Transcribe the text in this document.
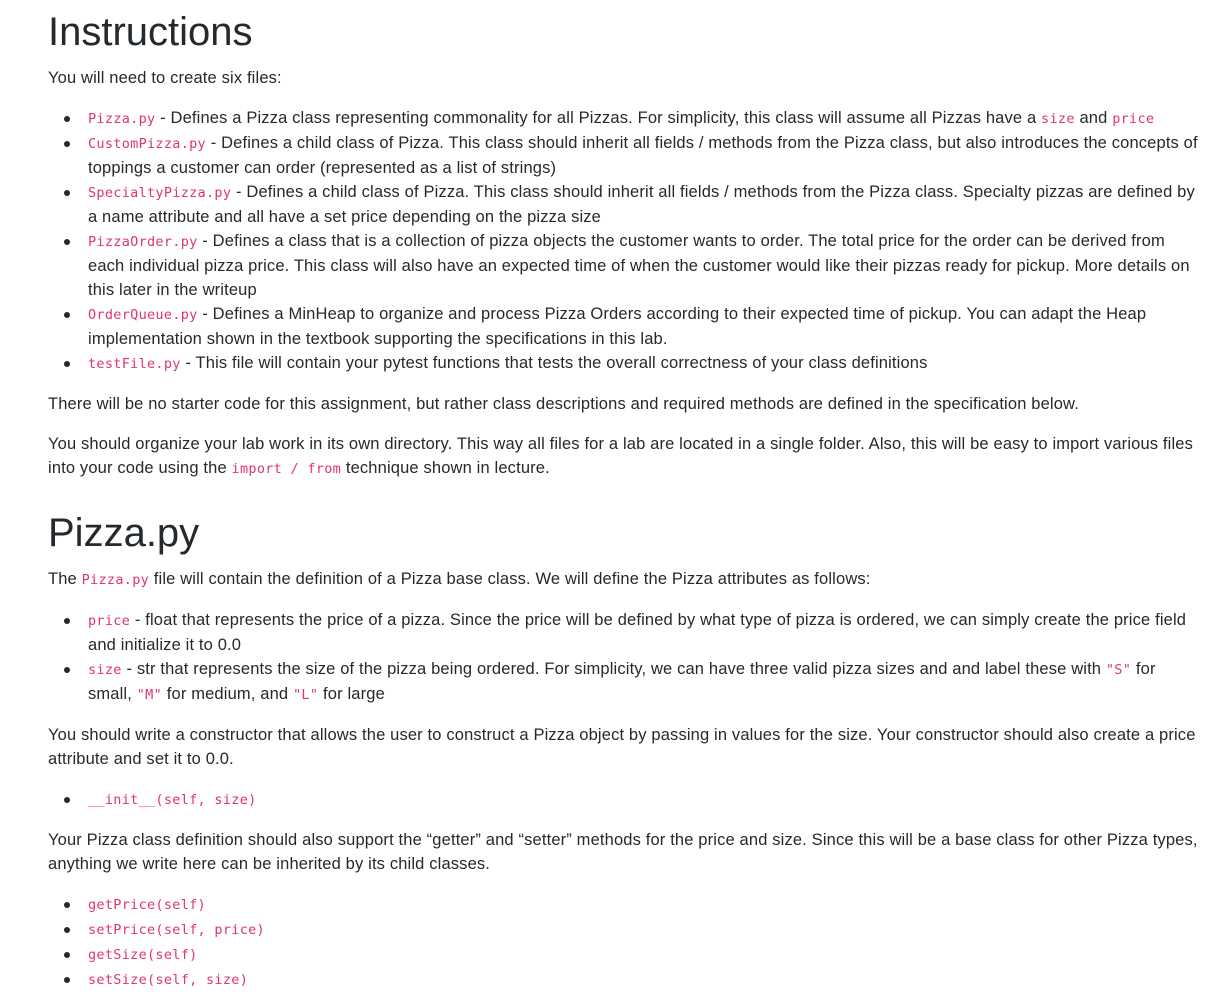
Instructions

You will need to create six files:

Pizza.py - Defines a Pizza class representing commonality for all Pizzas. For simplicity, this class will assume all Pizzas have a size and price
CustomPizza.py - Defines a child class of Pizza. This class should inherit all fields / methods from the Pizza class, but also introduces the concepts of toppings a customer can order (represented as a list of strings)
SpecialtyPizza.py - Defines a child class of Pizza. This class should inherit all fields / methods from the Pizza class. Specialty pizzas are defined by a name attribute and all have a set price depending on the pizza size
PizzaOrder.py - Defines a class that is a collection of pizza objects the customer wants to order. The total price for the order can be derived from each individual pizza price. This class will also have an expected time of when the customer would like their pizzas ready for pickup. More details on this later in the writeup
OrderQueue.py - Defines a MinHeap to organize and process Pizza Orders according to their expected time of pickup. You can adapt the Heap implementation shown in the textbook supporting the specifications in this lab.
testFile.py - This file will contain your pytest functions that tests the overall correctness of your class definitions

There will be no starter code for this assignment, but rather class descriptions and required methods are defined in the specification below.

You should organize your lab work in its own directory. This way all files for a lab are located in a single folder. Also, this will be easy to import various files into your code using the import / from technique shown in lecture.

Pizza.py

The Pizza.py file will contain the definition of a Pizza base class. We will define the Pizza attributes as follows:

price - float that represents the price of a pizza. Since the price will be defined by what type of pizza is ordered, we can simply create the price field and initialize it to 0.0
size - str that represents the size of the pizza being ordered. For simplicity, we can have three valid pizza sizes and and label these with "S" for small, "M" for medium, and "L" for large

You should write a constructor that allows the user to construct a Pizza object by passing in values for the size. Your constructor should also create a price attribute and set it to 0.0.

__init__(self, size)

Your Pizza class definition should also support the “getter” and “setter” methods for the price and size. Since this will be a base class for other Pizza types, anything we write here can be inherited by its child classes.

getPrice(self)
setPrice(self, price)
getSize(self)
setSize(self, size)
